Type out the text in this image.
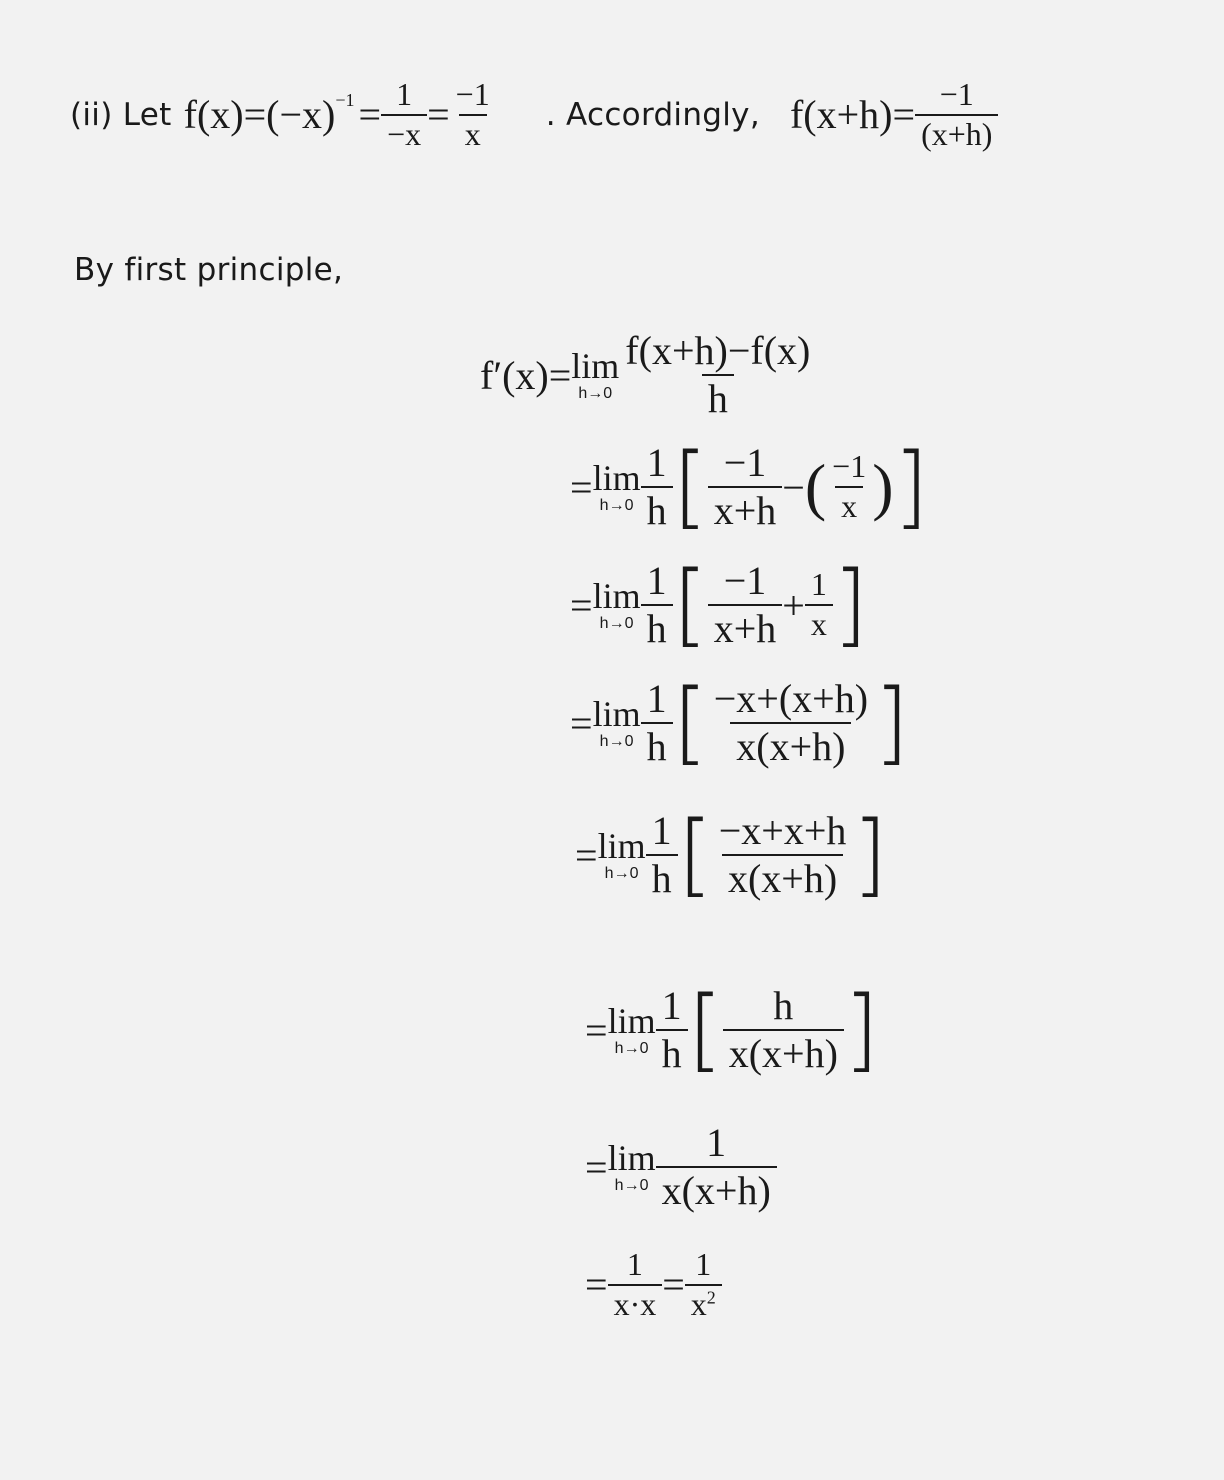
(ii) Let $f(x)=(-x)^{-1} = \frac{1}{-x} = \frac{-1}{x}$ . Accordingly, $f(x+h)= \frac{-1}{(x+h)}$
By first principle,
f′(x)= lim
$h\to 0 \frac{f(x+h)-f(x)}{h}$
= lim
$h\to 0 \frac{1}{h}$ [ $\frac{-1}{x+h}$ − ( $\frac{-1}{x}$ ) ]
= lim
$h\to 0 \frac{1}{h}$ [ $\frac{-1}{x+h} + \frac{1}{x}$ ]
= lim
$h\to 0 \frac{1}{h}$ [ $\frac{-x+(x+h)}{x(x+h)}$ ]
= lim
$h\to 0 \frac{1}{h}$ [ $\frac{-x+x+h}{x(x+h)}$ ]
= lim
$h\to 0 \frac{1}{h}$ [ $\frac{h}{x(x+h)}$ ]
= lim
$h\to 0 \frac{1}{x(x+h)}$
= $\frac{1}{x\cdot x} = \frac{1}{x^2}$
